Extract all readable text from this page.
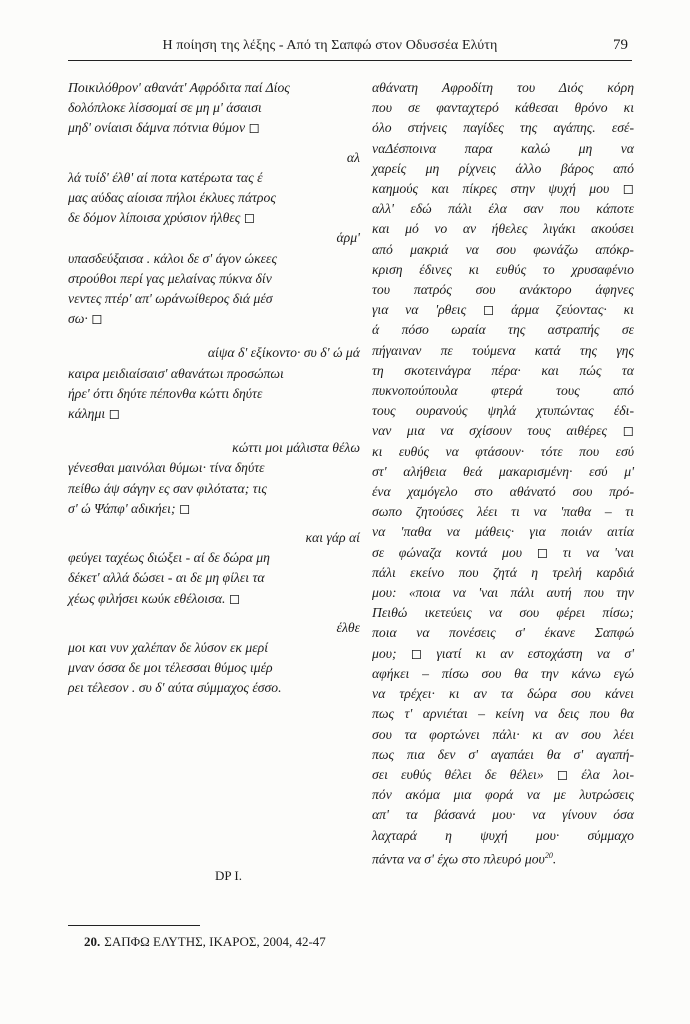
Η ποίηση της λέξης - Από τη Σαπφώ στον Οδυσσέα Ελύτη	79
Ποικιλόθρον' αθανάτ' Αφρόδιτα παί Δίος
δολόπλοκε λίσσομαί σε μη μ' άσαισι
μηδ' ονίαισι δάμνα πότνια θύμον ◻
αλ
λά τυίδ' έλθ' αί ποτα κατέρωτα τας έ
μας αύδας αίοισα πήλοι έκλυες πάτρος
δε δόμον λίποισα χρύσιον ήλθες ◻
άρμ'
υπασδεύξαισα . κάλοι δε σ' άγον ώκεες
στρούθοι περί γας μελαίνας πύκνα δίν
νεντες πτέρ' απ' ωράνωίθερος διά μέσ
σω· ◻
αίψα δ' εξίκοντο· συ δ' ώ μά
καιρα μειδιαίσαισ' αθανάτωι προσώπωι
ήρε' όττι δηύτε πέπονθα κώττι δηύτε
κάλημι ◻
κώττι μοι μάλιστα θέλω
γένεσθαι μαινόλαι θύμωι· τίνα δηύτε
πείθω άψ σάγην ες σαν φιλότατα; τις
σ' ώ Ψάπφ' αδικήει; ◻
και γάρ αί
φεύγει ταχέως διώξει - αί δε δώρα μη
δέκετ' αλλά δώσει - αι δε μη φίλει τα
χέως φιλήσει κωύκ εθέλοισα. ◻
έλθε
μοι και νυν χαλέπαν δε λύσον εκ μερί
μναν όσσα δε μοι τέλεσσαι θύμος ιμέρ
ρει τέλεσον . συ δ' αύτα σύμμαχος έσσο.
αθάνατη Αφροδίτη του Διός κόρη
που σε φανταχτερό κάθεσαι θρόνο κι
όλο στήνεις παγίδες της αγάπης. εσέ-
ναΔέσποινα παρα καλώ μη να
χαρείς μη ρίχνεις άλλο βάρος από
καημούς και πίκρες στην ψυχή μου ◻
αλλ' εδώ πάλι έλα σαν που κάποτε
και μό νο αν ήθελες λιγάκι ακούσει
από μακριά να σου φωνάζω απόκρ-
κριση έδινες κι ευθύς το χρυσαφένιο
του πατρός σου ανάκτορο άφηνες
για να 'ρθεις ◻ άρμα ζεύοντας· κι
ά πόσο ωραία της αστραπής σε
πήγαιναν πε τούμενα κατά της γης
τη σκοτεινάγρα πέρα· και πώς τα
πυκνοπούπουλα φτερά τους από
τους ουρανούς ψηλά χτυπώντας έδι-
ναν μια να σχίσουν τους αιθέρες ◻
κι ευθύς να φτάσουν· τότε που εσύ
στ' αλήθεια θεά μακαρισμένη· εσύ μ'
ένα χαμόγελο στο αθάνατό σου πρό-
σωπο ζητούσες λέει τι να 'παθα – τι
να 'παθα να μάθεις· για ποιάν αιτία
σε φώναζα κοντά μου ◻ τι να 'ναι
πάλι εκείνο που ζητά η τρελή καρδιά
μου: «ποια να 'ναι πάλι αυτή που την
Πειθώ ικετεύεις να σου φέρει πίσω;
ποια να πονέσεις σ' έκανε Σαπφώ
μου; ◻ γιατί κι αν εστοχάστη να σ'
αφήκει – πίσω σου θα την κάνω εγώ
να τρέχει· κι αν τα δώρα σου κάνει
πως τ' αρνιέται – κείνη να δεις που θα
σου τα φορτώνει πάλι· κι αν σου λέει
πως πια δεν σ' αγαπάει θα σ' αγαπή-
σει ευθύς θέλει δε θέλει» ◻ έλα λοι-
πόν ακόμα μια φορά να με λυτρώσεις
απ' τα βάσανά μου· να γίνουν όσα
λαχταρά η ψυχή μου· σύμμαχο
πάντα να σ' έχω στο πλευρό μου$^{20}$.
DP I.
20. ΣΑΠΦΩ ΕΛΥΤΗΣ, ΙΚΑΡΟΣ, 2004, 42-47
